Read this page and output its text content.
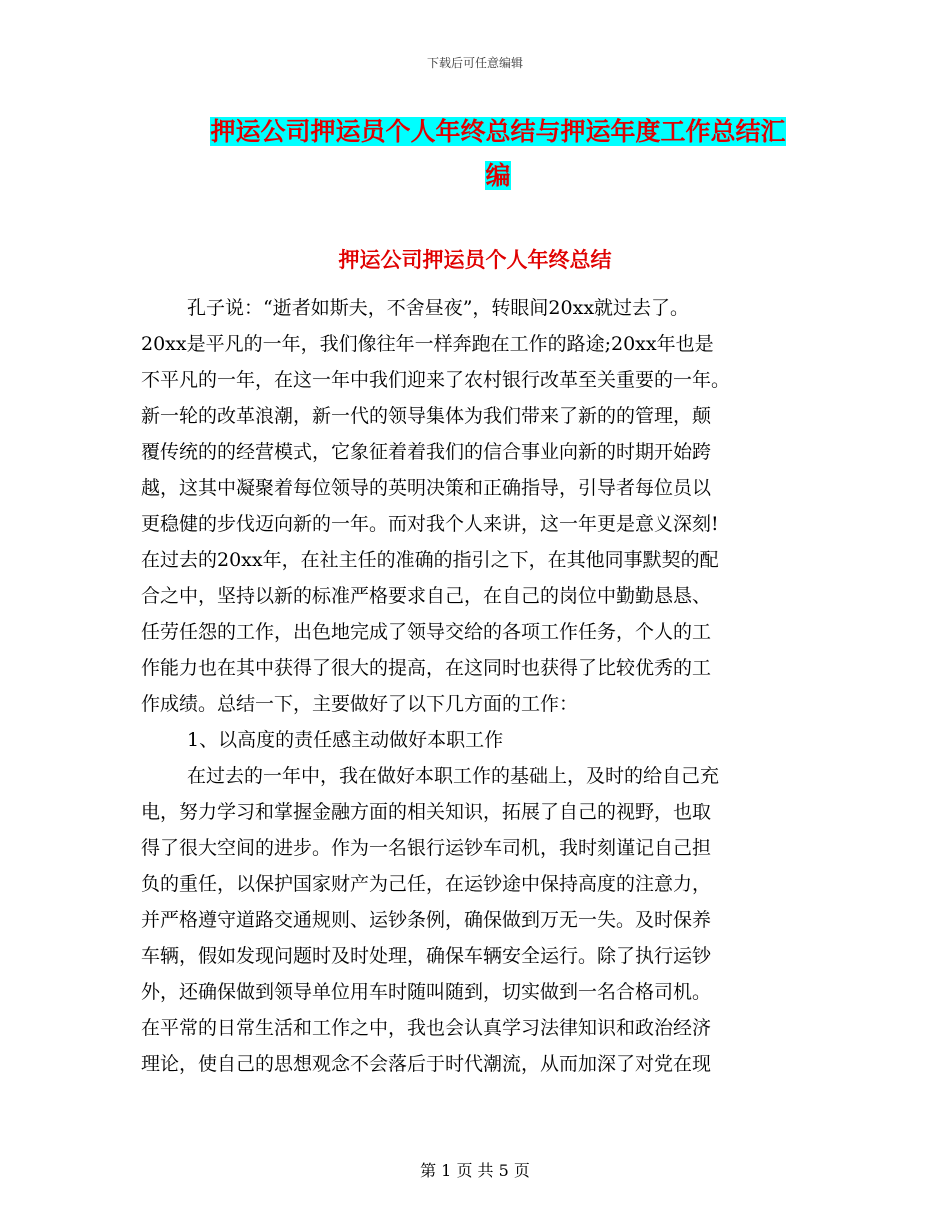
下载后可任意编辑
押运公司押运员个人年终总结与押运年度工作总结汇
编
押运公司押运员个人年终总结
孔子说：“逝者如斯夫，不舍昼夜”，转眼间20xx就过去了。
20xx是平凡的一年，我们像往年一样奔跑在工作的路途;20xx年也是
不平凡的一年，在这一年中我们迎来了农村银行改革至关重要的一年。
新一轮的改革浪潮，新一代的领导集体为我们带来了新的的管理，颠
覆传统的的经营模式，它象征着着我们的信合事业向新的时期开始跨
越，这其中凝聚着每位领导的英明决策和正确指导，引导者每位员以
更稳健的步伐迈向新的一年。而对我个人来讲，这一年更是意义深刻!
在过去的20xx年，在社主任的准确的指引之下，在其他同事默契的配
合之中，坚持以新的标准严格要求自己，在自己的岗位中勤勤恳恳、
任劳任怨的工作，出色地完成了领导交给的各项工作任务，个人的工
作能力也在其中获得了很大的提高，在这同时也获得了比较优秀的工
作成绩。总结一下，主要做好了以下几方面的工作：
1、以高度的责任感主动做好本职工作
在过去的一年中，我在做好本职工作的基础上，及时的给自己充
电，努力学习和掌握金融方面的相关知识，拓展了自己的视野，也取
得了很大空间的进步。作为一名银行运钞车司机，我时刻谨记自己担
负的重任，以保护国家财产为己任，在运钞途中保持高度的注意力，
并严格遵守道路交通规则、运钞条例，确保做到万无一失。及时保养
车辆，假如发现问题时及时处理，确保车辆安全运行。除了执行运钞
外，还确保做到领导单位用车时随叫随到，切实做到一名合格司机。
在平常的日常生活和工作之中，我也会认真学习法律知识和政治经济
理论，使自己的思想观念不会落后于时代潮流，从而加深了对党在现
第 1 页 共 5 页
